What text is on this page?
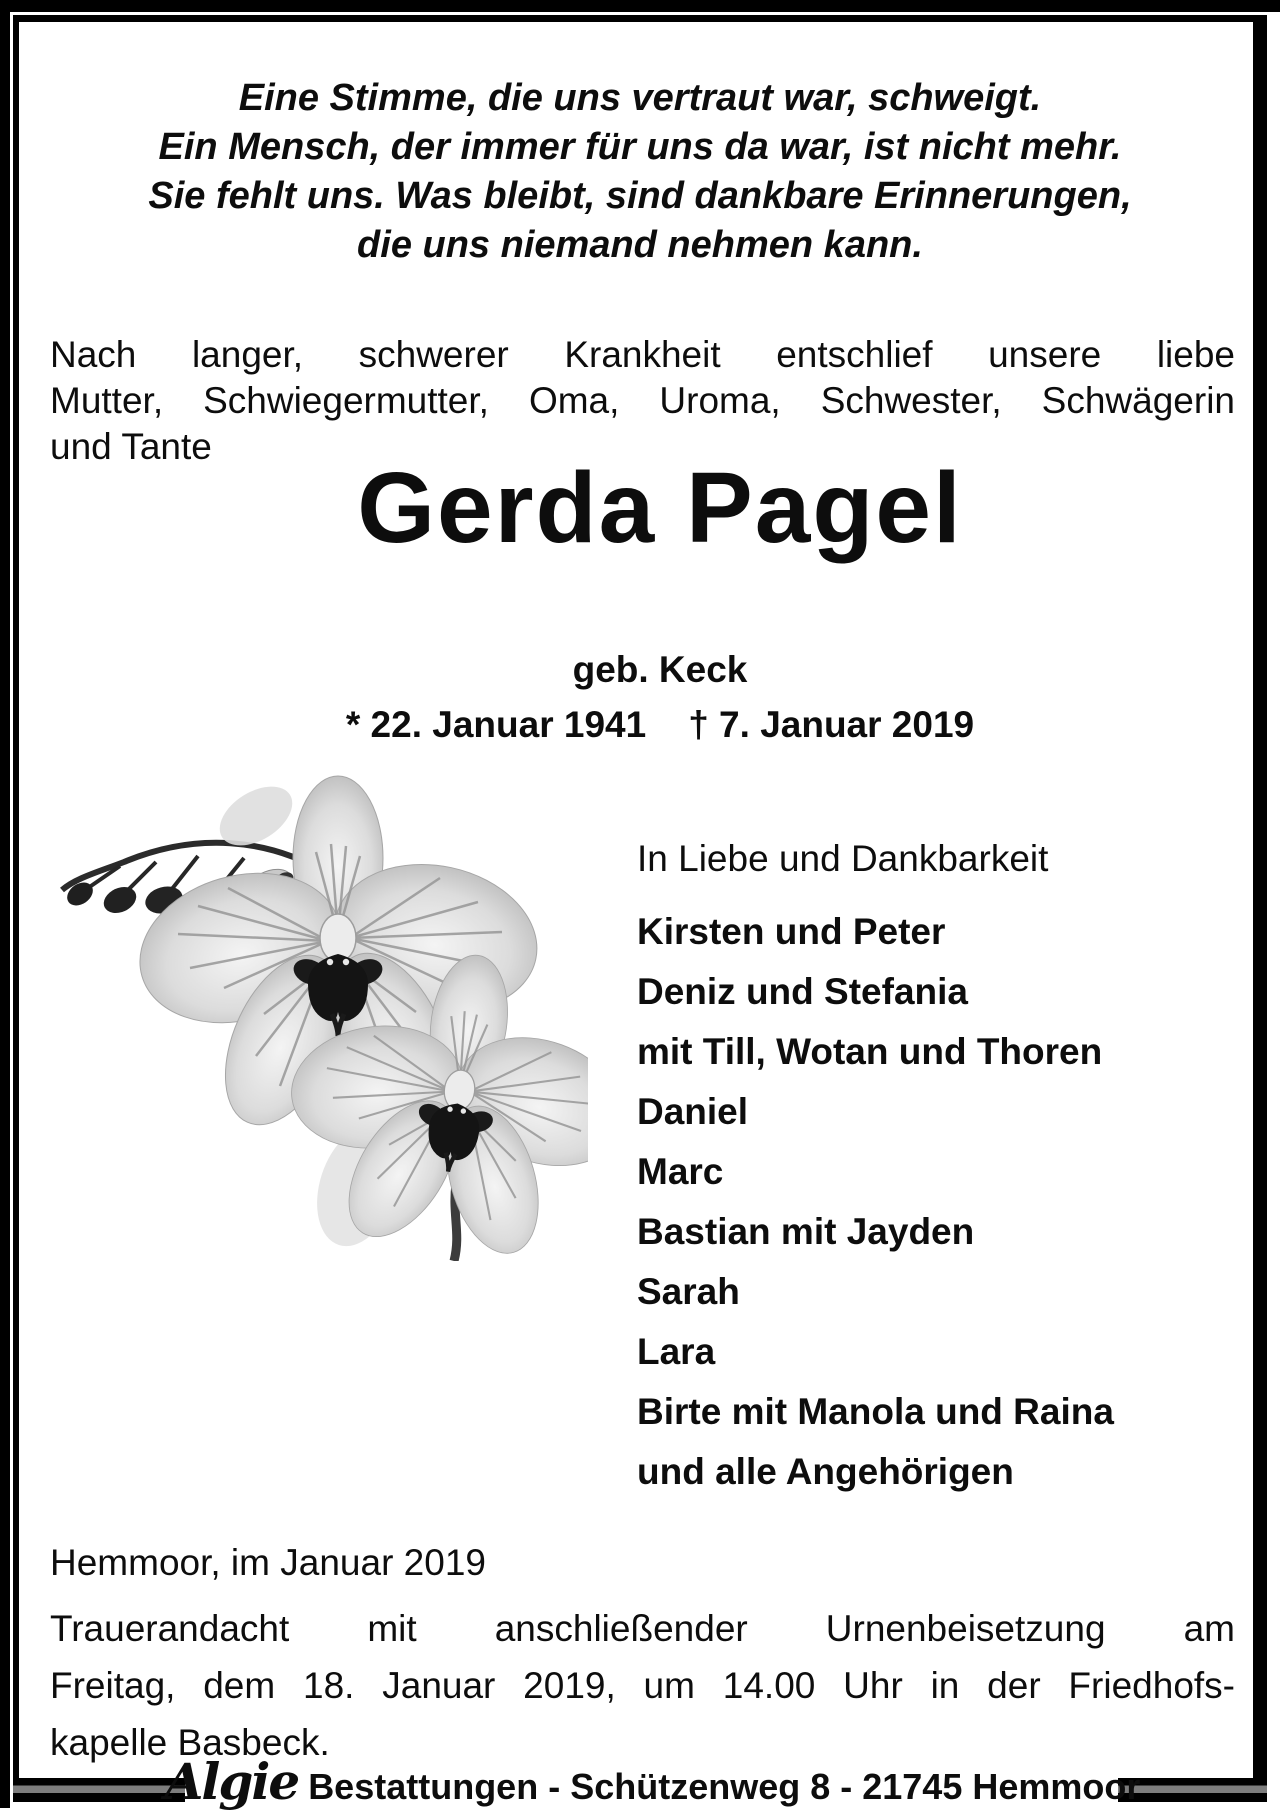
Eine Stimme, die uns vertraut war, schweigt.
Ein Mensch, der immer für uns da war, ist nicht mehr.
Sie fehlt uns. Was bleibt, sind dankbare Erinnerungen,
die uns niemand nehmen kann.
Nach langer, schwerer Krankheit entschlief unsere liebe
Mutter, Schwiegermutter, Oma, Uroma, Schwester, Schwägerin
und Tante
Gerda Pagel
geb. Keck
* 22. Januar 1941 † 7. Januar 2019
In Liebe und Dankbarkeit
Kirsten und Peter
Deniz und Stefania
mit Till, Wotan und Thoren
Daniel
Marc
Bastian mit Jayden
Sarah
Lara
Birte mit Manola und Raina
und alle Angehörigen
Hemmoor, im Januar 2019
Trauerandacht mit anschließender Urnenbeisetzung am
Freitag, dem 18. Januar 2019, um 14.00 Uhr in der Friedhofs-
kapelle Basbeck.
Algie Bestattungen - Schützenweg 8 - 21745 Hemmoor
